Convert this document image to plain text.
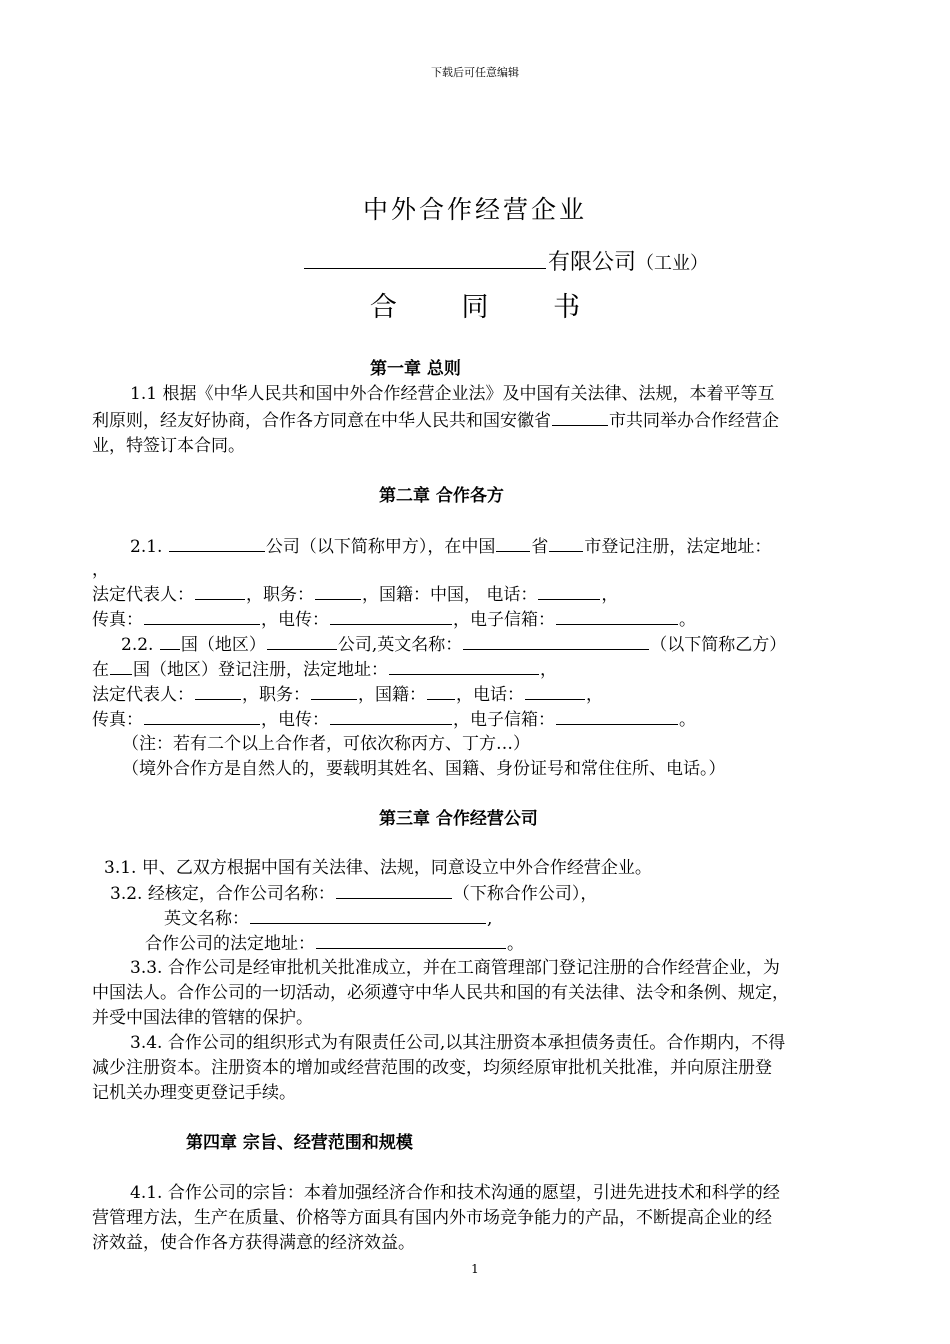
下载后可任意编辑
中外合作经营企业
有限公司（工业）
合 同 书
第一章 总则
1.1 根据《中华人民共和国中外合作经营企业法》及中国有关法律、法规，本着平等互
利原则，经友好协商，合作各方同意在中华人民共和国安徽省	市共同举办合作经营企
业，特签订本合同。
第二章 合作各方
2.1.	公司（以下简称甲方），在中国 省 市登记注册，法定地址：
，
法定代表人：	，职务：	，国籍：中国， 电话：	，
传真：	，电传：	，电子信箱：	。
2.2. 国（地区）	公司,英文名称：	（以下简称乙方）
在 国（地区）登记注册，法定地址：	，
法定代表人：	，职务：	，国籍： ，电话：	，
传真：	，电传：	，电子信箱：	。
（注：若有二个以上合作者，可依次称丙方、丁方…）
（境外合作方是自然人的，要载明其姓名、国籍、身份证号和常住住所、电话。）
第三章 合作经营公司
3.1. 甲、乙双方根据中国有关法律、法规，同意设立中外合作经营企业。
3.2. 经核定，合作公司名称：	（下称合作公司），
英文名称：	,
合作公司的法定地址：	。
3.3. 合作公司是经审批机关批准成立，并在工商管理部门登记注册的合作经营企业，为
中国法人。合作公司的一切活动，必须遵守中华人民共和国的有关法律、法令和条例、规定，
并受中国法律的管辖的保护。
3.4. 合作公司的组织形式为有限责任公司,以其注册资本承担债务责任。合作期内，不得
减少注册资本。注册资本的增加或经营范围的改变，均须经原审批机关批准，并向原注册登
记机关办理变更登记手续。
第四章 宗旨、经营范围和规模
4.1. 合作公司的宗旨：本着加强经济合作和技术沟通的愿望，引进先进技术和科学的经
营管理方法，生产在质量、价格等方面具有国内外市场竞争能力的产品，不断提高企业的经
济效益，使合作各方获得满意的经济效益。
1
